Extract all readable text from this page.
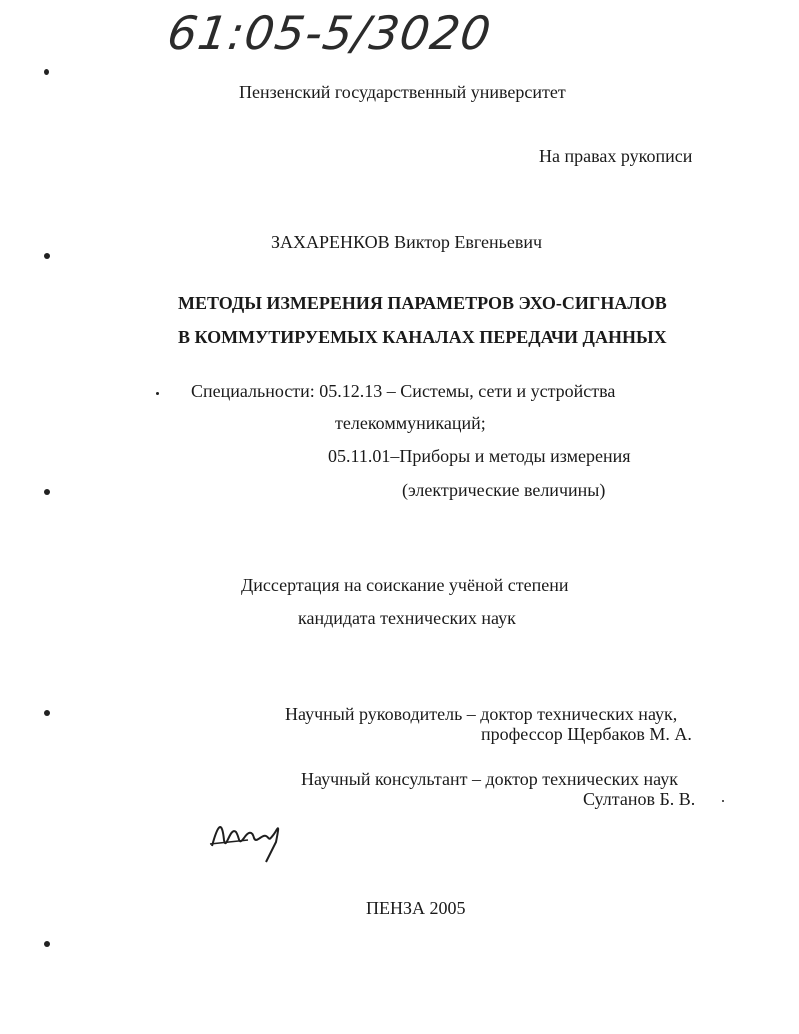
61:05-5/3020
Пензенский государственный университет
На правах рукописи
ЗАХАРЕНКОВ Виктор Евгеньевич
МЕТОДЫ ИЗМЕРЕНИЯ ПАРАМЕТРОВ ЭХО-СИГНАЛОВ
В КОММУТИРУЕМЫХ КАНАЛАХ ПЕРЕДАЧИ ДАННЫХ
Специальности: 05.12.13 – Системы, сети и устройства
телекоммуникаций;
05.11.01–Приборы и методы измерения
(электрические величины)
Диссертация на соискание учёной степени
кандидата технических наук
Научный руководитель – доктор технических наук,
профессор Щербаков М. А.
Научный консультант – доктор технических наук
Султанов Б. В.
ПЕНЗА 2005
